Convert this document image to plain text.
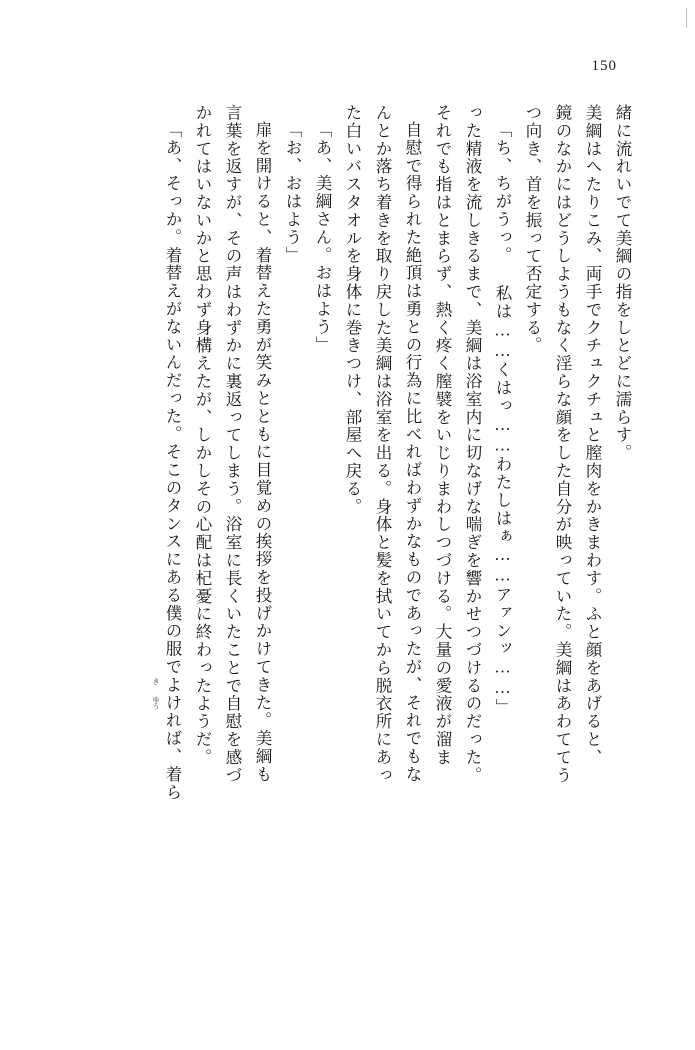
150
緒に流れいでて美綱の指をしとどに濡らす。
美綱はへたりこみ、両手でクチュクチュと膣肉をかきまわす。ふと顔をあげると、
鏡のなかにはどうしようもなく淫らな顔をした自分が映っていた。美綱はあわててう
つ向き、首を振って否定する。
「ち、ちがうっ。 私は……くはっ……わたしはぁ……アァンッ……」
った精液を流しきるまで、美綱は浴室内に切なげな喘ぎを響かせつづけるのだった。
それでも指はとまらず、熱く疼く膣襞をいじりまわしつづける。大量の愛液が溜ま
自慰で得られた絶頂は勇との行為に比べればわずかなものであったが、それでもな
んとか落ち着きを取り戻した美綱は浴室を出る。身体と髪を拭いてから脱衣所にあっ
た白いバスタオルを身体に巻きつけ、部屋へ戻る。
「あ、美綱さん。おはよう」
「お、おはよう」
扉を開けると、着替えた勇が笑みとともに目覚めの挨拶を投げかけてきた。美綱も
言葉を返すが、その声はわずかに裏返ってしまう。浴室に長くいたことで自慰を感づ
かれてはいないかと思わず身構えたが、しかしその心配は杞憂に終わったようだ。
「あ、そっか。着替えがないんだった。そこのタンスにある僕の服でよければ、着ら
き
ゆう
